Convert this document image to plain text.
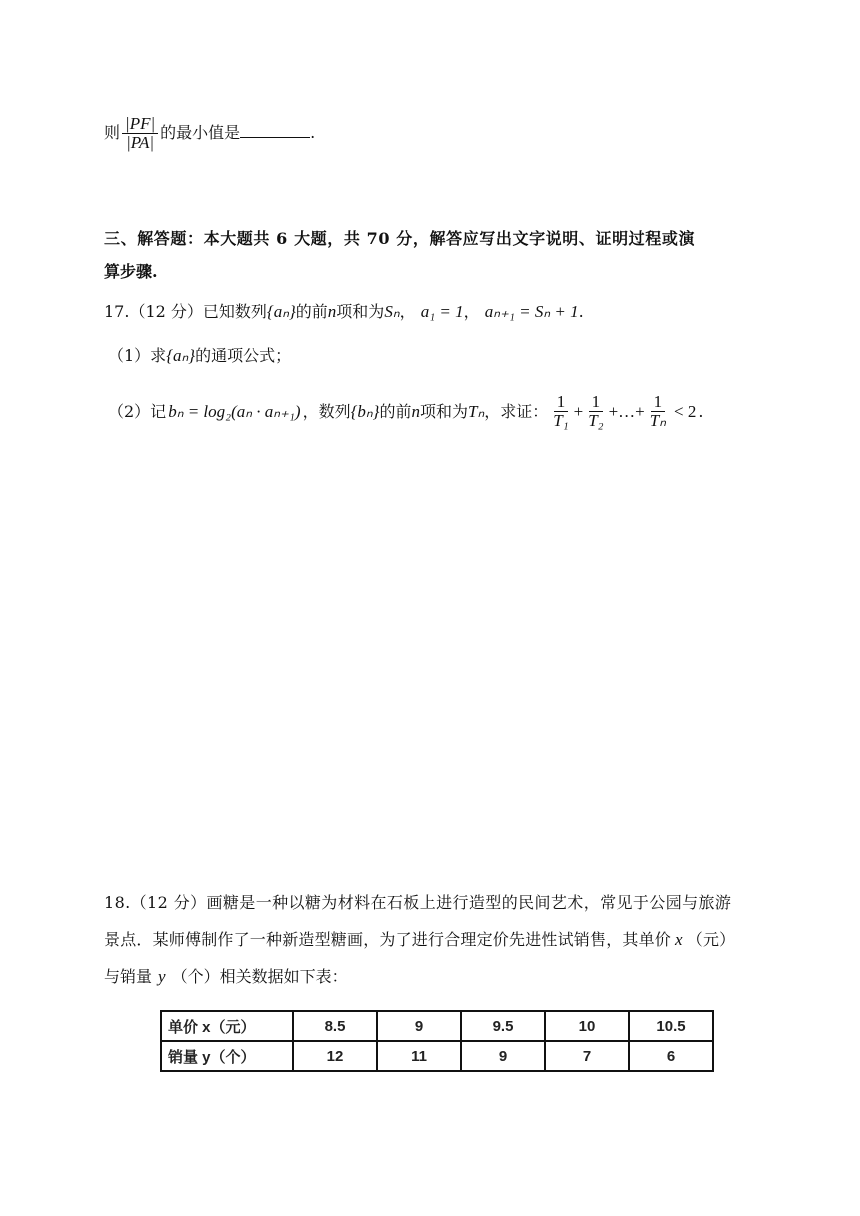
则 $\frac{|PF|}{|PA|}$ 的最小值是	.
三、解答题：本大题共 6 大题，共 70 分，解答应写出文字说明、证明过程或演
算步骤.
17.（12 分）已知数列{aₙ}的前n项和为Sₙ， a₁ = 1， aₙ₊₁ = Sₙ + 1.
（1）求{aₙ}的通项公式；
（2）记 bₙ = log₂(aₙ · aₙ₊₁) ，数列 {bₙ} 的前 n 项和为 Tₙ ，求证： $\frac{1}{\text{T₁}} + \frac{1}{\text{T₂}}$ +…+ $\frac{1}{\text{Tₙ}} < 2$ .
18.（12 分）画糖是一种以糖为材料在石板上进行造型的民间艺术，常见于公园与旅游
景点．某师傅制作了一种新造型糖画，为了进行合理定价先进性试销售，其单价 x （元）
与销量 y （个）相关数据如下表：
单价 x（元）	8.5	9	9.5	10	10.5
销量 y（个）	12	11	9	7	6
